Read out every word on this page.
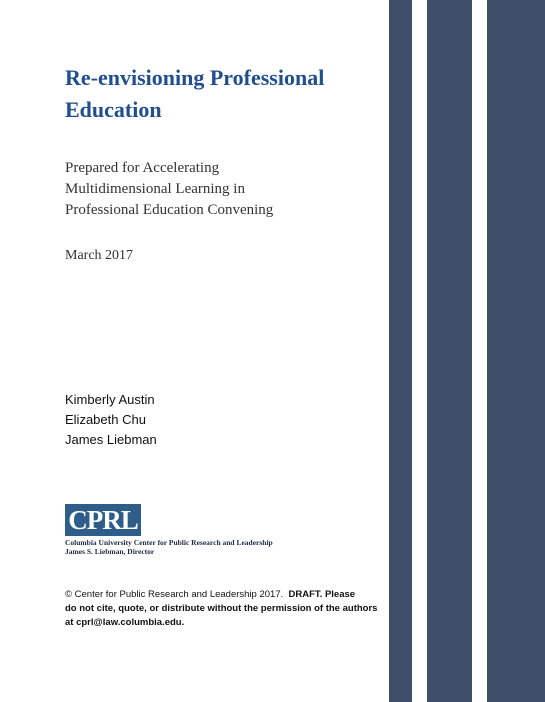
Re-envisioning Professional Education
Prepared for Accelerating
Multidimensional Learning in
Professional Education Convening
March 2017
Kimberly Austin
Elizabeth Chu
James Liebman
CPRL
Columbia University Center for Public Research and Leadership
James S. Liebman, Director
© Center for Public Research and Leadership 2017. DRAFT. Please
do not cite, quote, or distribute without the permission of the authors
at cprl@law.columbia.edu.
